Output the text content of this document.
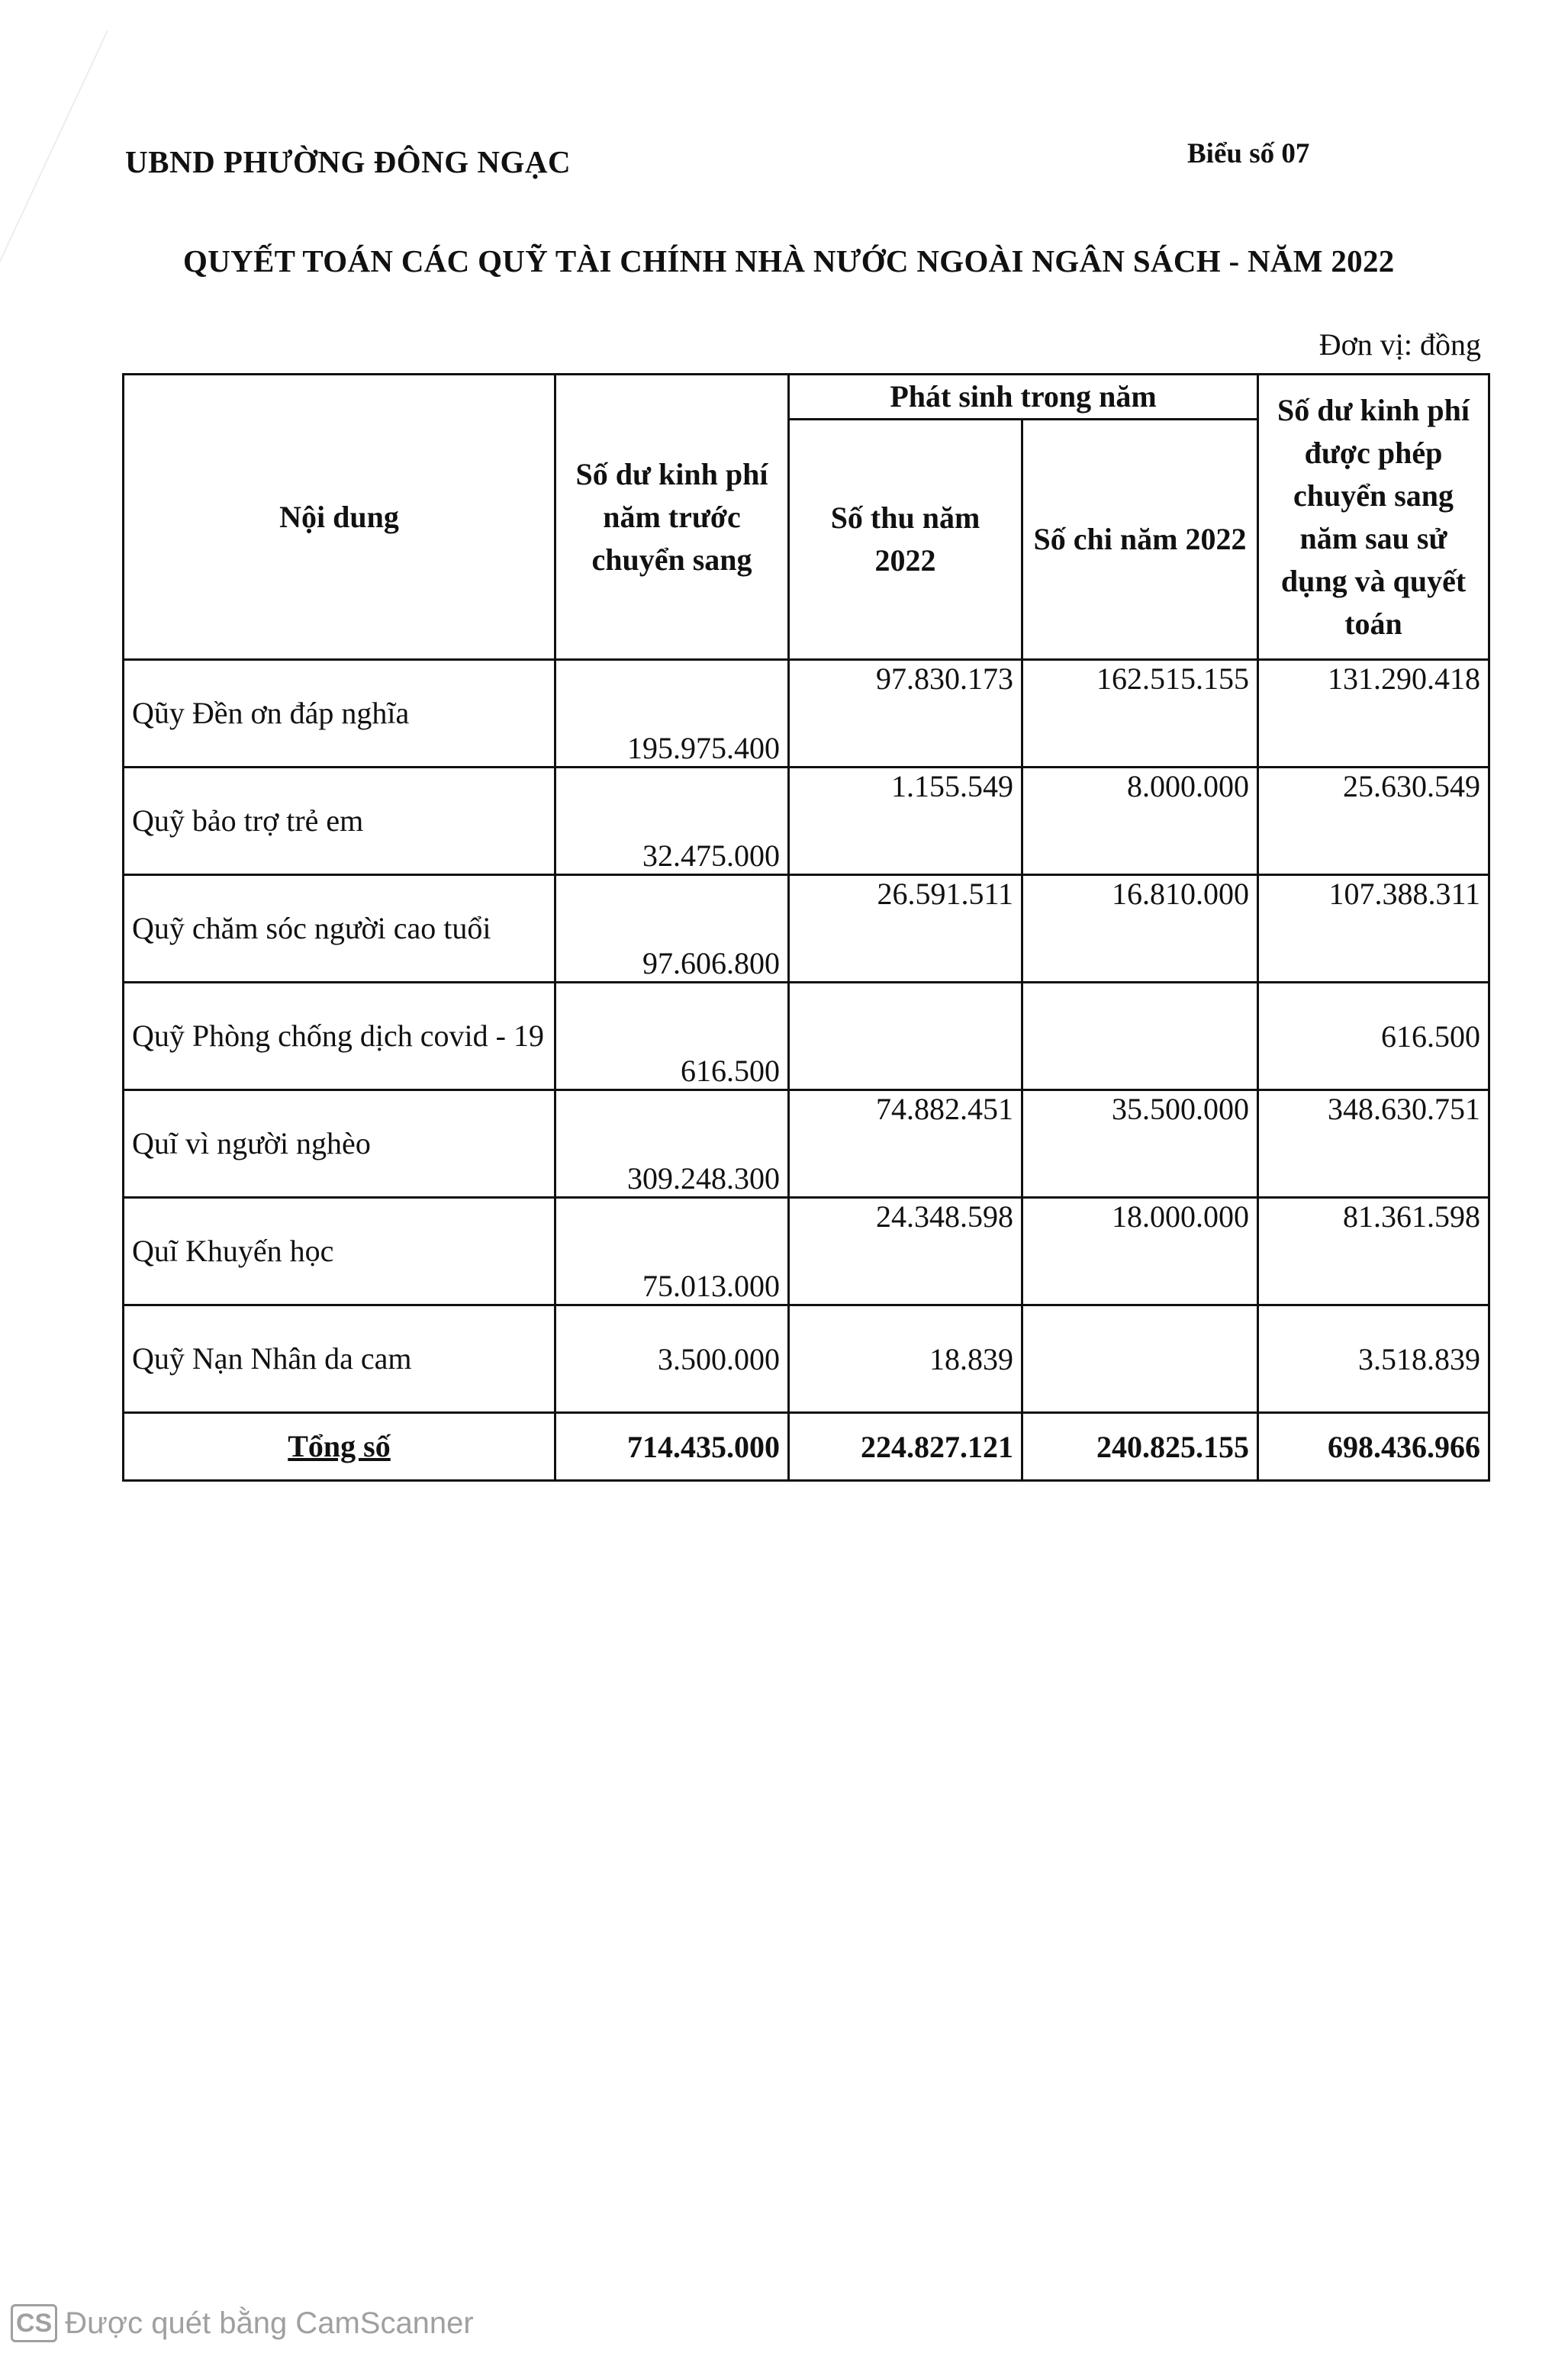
UBND PHƯỜNG ĐÔNG NGẠC	Biểu số 07
QUYẾT TOÁN CÁC QUỸ TÀI CHÍNH NHÀ NƯỚC NGOÀI NGÂN SÁCH - NĂM 2022
Đơn vị: đồng
Nội dung	Số dư kinh phí năm trước chuyển sang	Phát sinh trong năm		Số dư kinh phí được phép chuyển sang năm sau sử dụng và quyết toán
		Số thu năm 2022	Số chi năm 2022	
Qũy Đền ơn đáp nghĩa	195.975.400	97.830.173	162.515.155	131.290.418
Quỹ bảo trợ trẻ em	32.475.000	1.155.549	8.000.000	25.630.549
Quỹ chăm sóc người cao tuổi	97.606.800	26.591.511	16.810.000	107.388.311
Quỹ Phòng chống dịch covid - 19	616.500			616.500
Quĩ vì người nghèo	309.248.300	74.882.451	35.500.000	348.630.751
Quĩ Khuyến học	75.013.000	24.348.598	18.000.000	81.361.598
Quỹ Nạn Nhân da cam	3.500.000	18.839		3.518.839
Tổng số	714.435.000	224.827.121	240.825.155	698.436.966
CS Được quét bằng CamScanner
